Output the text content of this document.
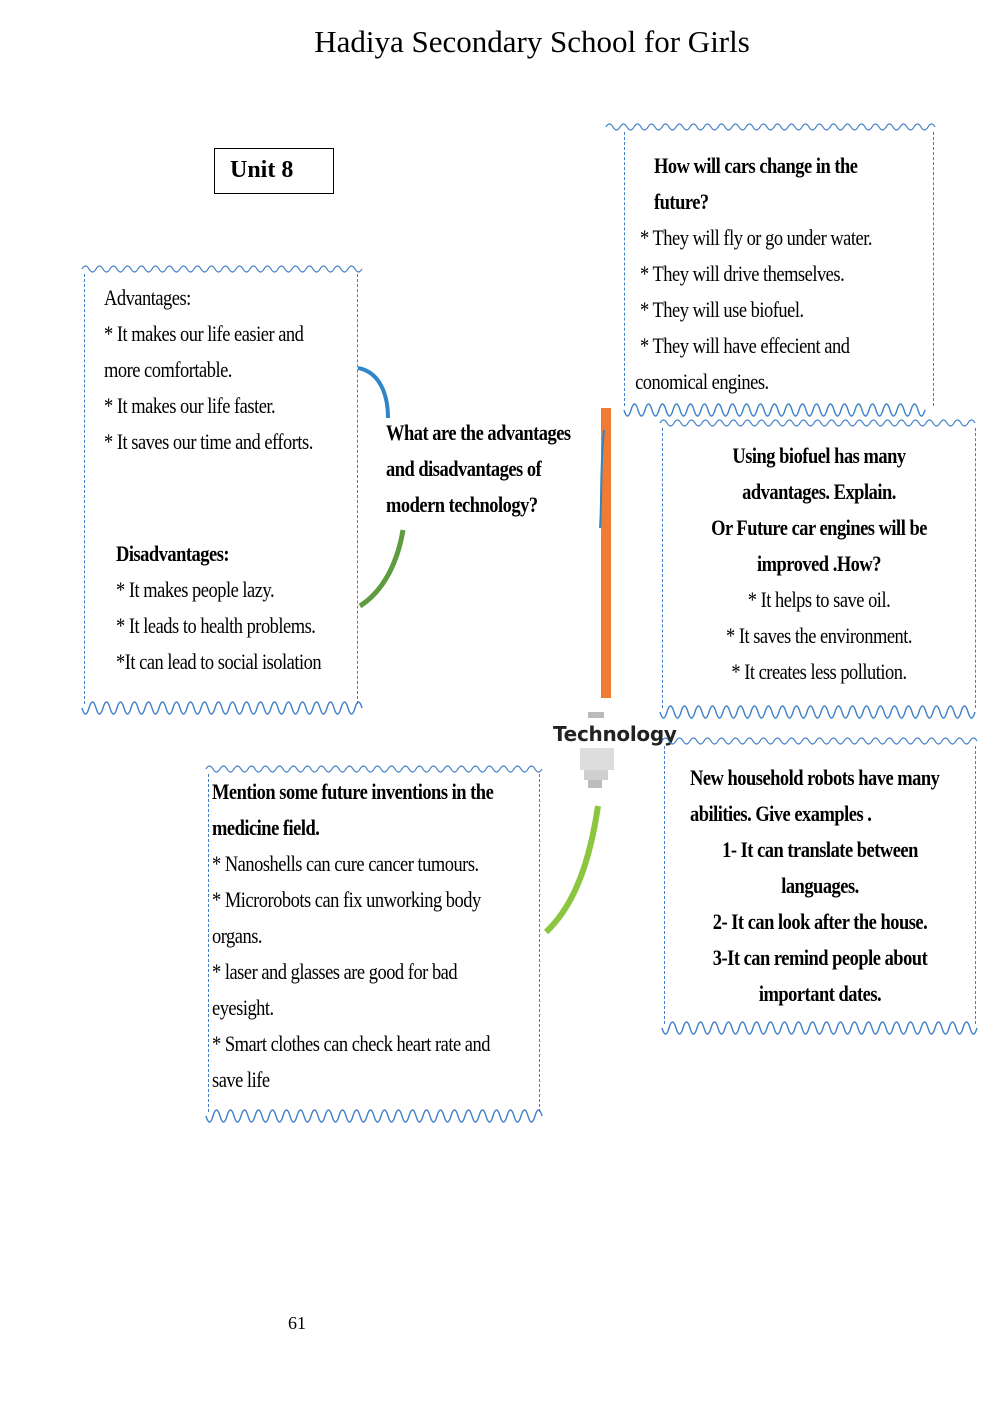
Hadiya Secondary School for Girls
Unit 8
Advantages:
* It makes our life easier and
more comfortable.
* It makes our life faster.
* It saves our time and efforts.
Disadvantages:
* It makes people lazy.
* It leads to health problems.
*It can lead to social isolation
What are the advantages
and disadvantages of
modern technology?
How will cars change in the
future?
* They will fly or go under water.
* They will drive themselves.
* They will use biofuel.
* They will have effecient and
conomical engines.
Using biofuel has many
advantages. Explain.
Or Future car engines will be
improved .How?
* It helps to save oil.
* It saves the environment.
* It creates less pollution.
Technology
New household robots have many
abilities. Give examples .
1- It can translate between
languages.
2- It can look after the house.
3-It can remind people about
important dates.
Mention some future inventions in the
medicine field.
* Nanoshells can cure cancer tumours.
* Microrobots can fix unworking body
organs.
* laser and glasses are good for bad
eyesight.
* Smart clothes can check heart rate and
save life
61
